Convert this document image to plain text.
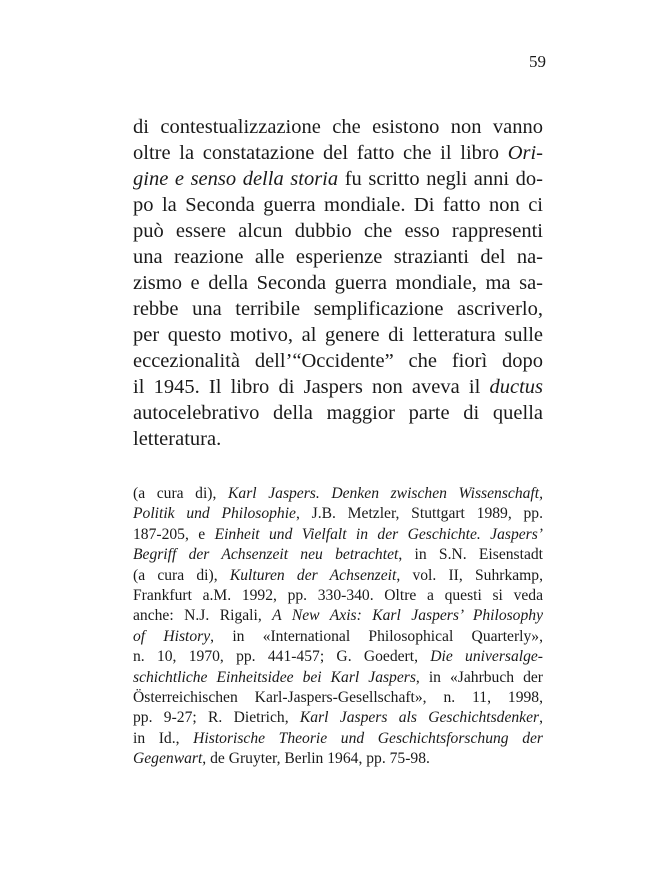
59
di contestualizzazione che esistono non vanno
oltre la constatazione del fatto che il libro Ori-
gine e senso della storia fu scritto negli anni do-
po la Seconda guerra mondiale. Di fatto non ci
può essere alcun dubbio che esso rappresenti
una reazione alle esperienze strazianti del na-
zismo e della Seconda guerra mondiale, ma sa-
rebbe una terribile semplificazione ascriverlo,
per questo motivo, al genere di letteratura sulle
eccezionalità dell’“Occidente” che fiorì dopo
il 1945. Il libro di Jaspers non aveva il ductus
autocelebrativo della maggior parte di quella
letteratura.
(a cura di), Karl Jaspers. Denken zwischen Wissenschaft,
Politik und Philosophie, J.B. Metzler, Stuttgart 1989, pp.
187-205, e Einheit und Vielfalt in der Geschichte. Jaspers’
Begriff der Achsenzeit neu betrachtet, in S.N. Eisenstadt
(a cura di), Kulturen der Achsenzeit, vol. II, Suhrkamp,
Frankfurt a.M. 1992, pp. 330-340. Oltre a questi si veda
anche: N.J. Rigali, A New Axis: Karl Jaspers’ Philosophy
of History, in «International Philosophical Quarterly»,
n. 10, 1970, pp. 441-457; G. Goedert, Die universalge-
schichtliche Einheitsidee bei Karl Jaspers, in «Jahrbuch der
Österreichischen Karl-Jaspers-Gesellschaft», n. 11, 1998,
pp. 9-27; R. Dietrich, Karl Jaspers als Geschichtsdenker,
in Id., Historische Theorie und Geschichtsforschung der
Gegenwart, de Gruyter, Berlin 1964, pp. 75-98.
